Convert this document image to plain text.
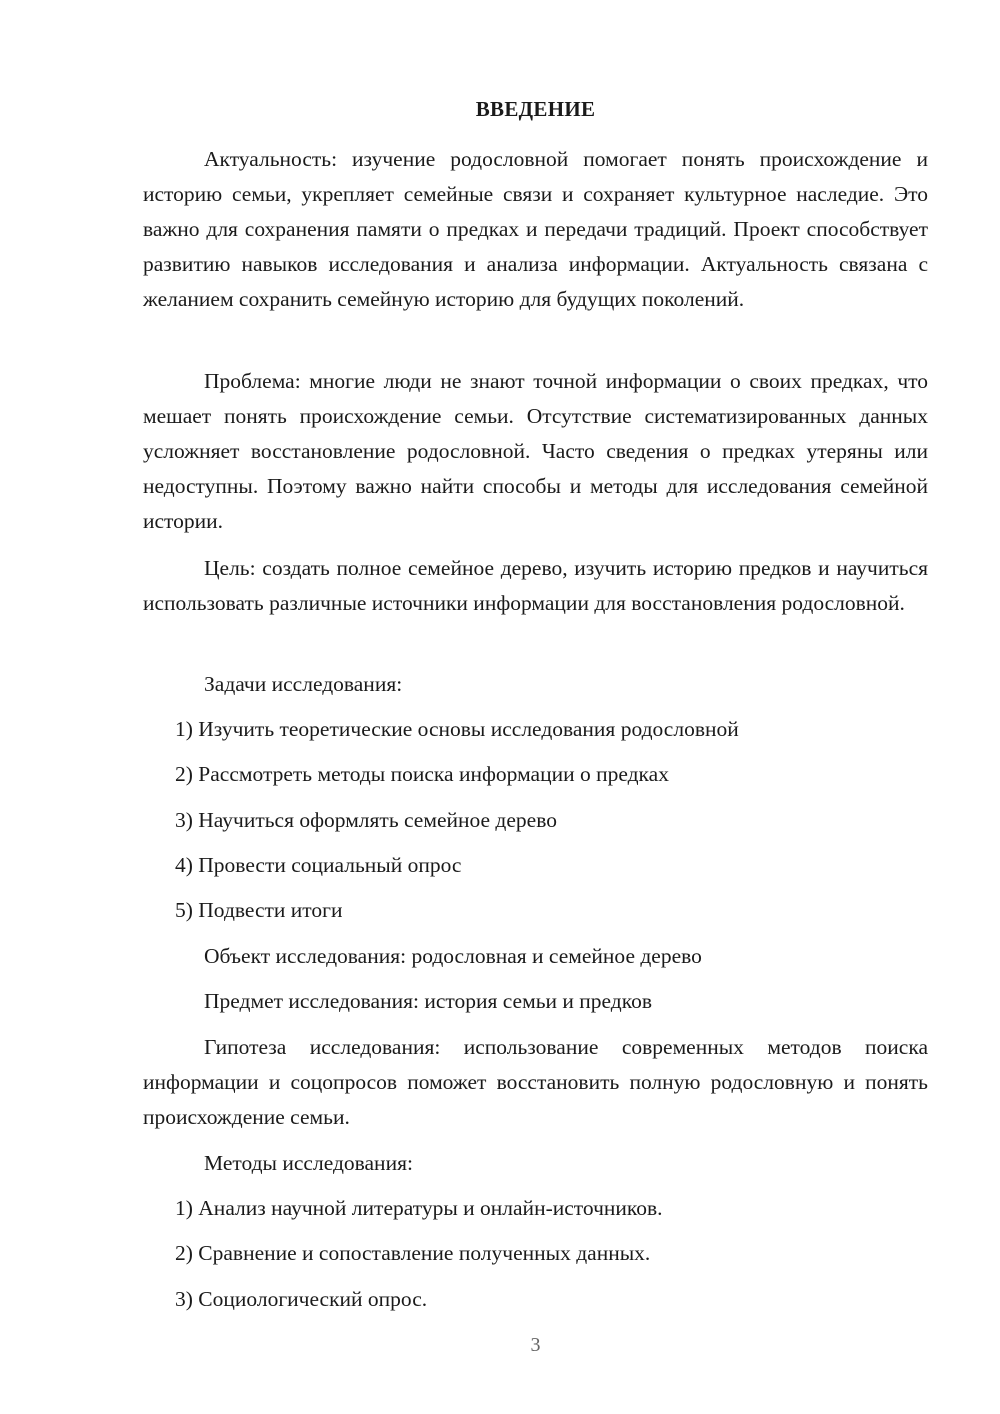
ВВЕДЕНИЕ

Актуальность: изучение родословной помогает понять происхождение и историю семьи, укрепляет семейные связи и сохраняет культурное наследие. Это важно для сохранения памяти о предках и передачи традиций. Проект способствует развитию навыков исследования и анализа информации. Актуальность связана с желанием сохранить семейную историю для будущих поколений.

Проблема: многие люди не знают точной информации о своих предках, что мешает понять происхождение семьи. Отсутствие систематизированных данных усложняет восстановление родословной. Часто сведения о предках утеряны или недоступны. Поэтому важно найти способы и методы для исследования семейной истории.

Цель: создать полное семейное дерево, изучить историю предков и научиться использовать различные источники информации для восстановления родословной.

Задачи исследования:
1) Изучить теоретические основы исследования родословной
2) Рассмотреть методы поиска информации о предках
3) Научиться оформлять семейное дерево
4) Провести социальный опрос
5) Подвести итоги
Объект исследования: родословная и семейное дерево
Предмет исследования: история семьи и предков

Гипотеза исследования: использование современных методов поиска информации и соцопросов поможет восстановить полную родословную и понять происхождение семьи.

Методы исследования:
1) Анализ научной литературы и онлайн-источников.
2) Сравнение и сопоставление полученных данных.
3) Социологический опрос.
3
